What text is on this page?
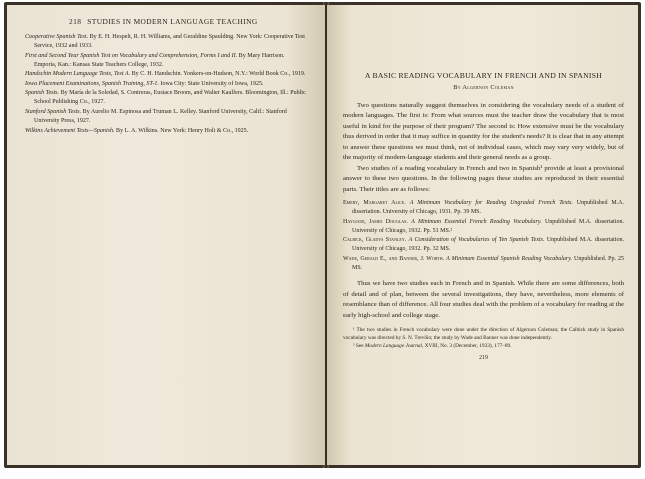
218 STUDIES IN MODERN LANGUAGE TEACHING
Cooperative Spanish Test. By E. H. Hespelt, R. H. Williams, and Geraldine Spaulding. New York: Cooperative Test Service, 1932 and 1933.
First and Second Year Spanish Test on Vocabulary and Comprehension, Forms I and II. By Mary Harrison. Emporia, Kan.: Kansas State Teachers College, 1932.
Handschin Modern Language Tests, Test A. By C. H. Handschin. Yonkers-on-Hudson, N.Y.: World Book Co., 1919.
Iowa Placement Examinations, Spanish Training, ST-1. Iowa City: State University of Iowa, 1925.
Spanish Tests. By María de la Soledad, S. Contreras, Eustace Broom, and Walter Kaulfers. Bloomington, Ill.: Public School Publishing Co., 1927.
Stanford Spanish Tests. By Aurelio M. Espinosa and Truman L. Kelley. Stanford University, Calif.: Stanford University Press, 1927.
Wilkins Achievement Tests—Spanish. By L. A. Wilkins. New York: Henry Holt & Co., 1925.
A BASIC READING VOCABULARY IN FRENCH AND IN SPANISH
By Algernon Coleman

Two questions naturally suggest themselves in considering the vocabulary needs of a student of modern languages. The first is: From what sources must the teacher draw the vocabulary that is most useful in kind for the purpose of their program? The second is: How extensive must be the vocabulary thus derived in order that it may suffice in quantity for the student's needs? It is clear that in any attempt to answer these questions we must think, not of individual cases, which may vary very widely, but of the majority of modern-language students and their general needs as a group.

Two studies of a reading vocabulary in French and two in Spanish¹ provide at least a provisional answer to these two questions. In the following pages these studies are reproduced in their essential parts. Their titles are as follows:

Emery, Margaret Alice. A Minimum Vocabulary for Reading Ungraded French Texts. Unpublished M.A. dissertation. University of Chicago, 1931. Pp. 39 MS.
Haygood, James Douglas. A Minimum Essential French Reading Vocabulary. Unpublished M.A. dissertation. University of Chicago, 1932. Pp. 51 MS.²
Calbick, Gladys Stanley. A Consideration of Vocabularies of Ten Spanish Texts. Unpublished M.A. dissertation. University of Chicago, 1932. Pp. 32 MS.
Wade, Gerald E., and Banner, J. Worth. A Minimum Essential Spanish Reading Vocabulary. Unpublished. Pp. 25 MS.

Thus we have two studies each in French and in Spanish. While there are some differences, both of detail and of plan, between the several investigations, they have, nevertheless, more elements of resemblance than of difference. All four studies deal with the problem of a vocabulary for reading at the early high-school and college stage.

¹ The two studies in French vocabulary were done under the direction of Algernon Coleman; the Calbick study in Spanish vocabulary was directed by S. N. Treviño; the study by Wade and Banner was done independently.
² See Modern Language Journal, XVIII, No. 3 (December, 1933), 177–89.
219
